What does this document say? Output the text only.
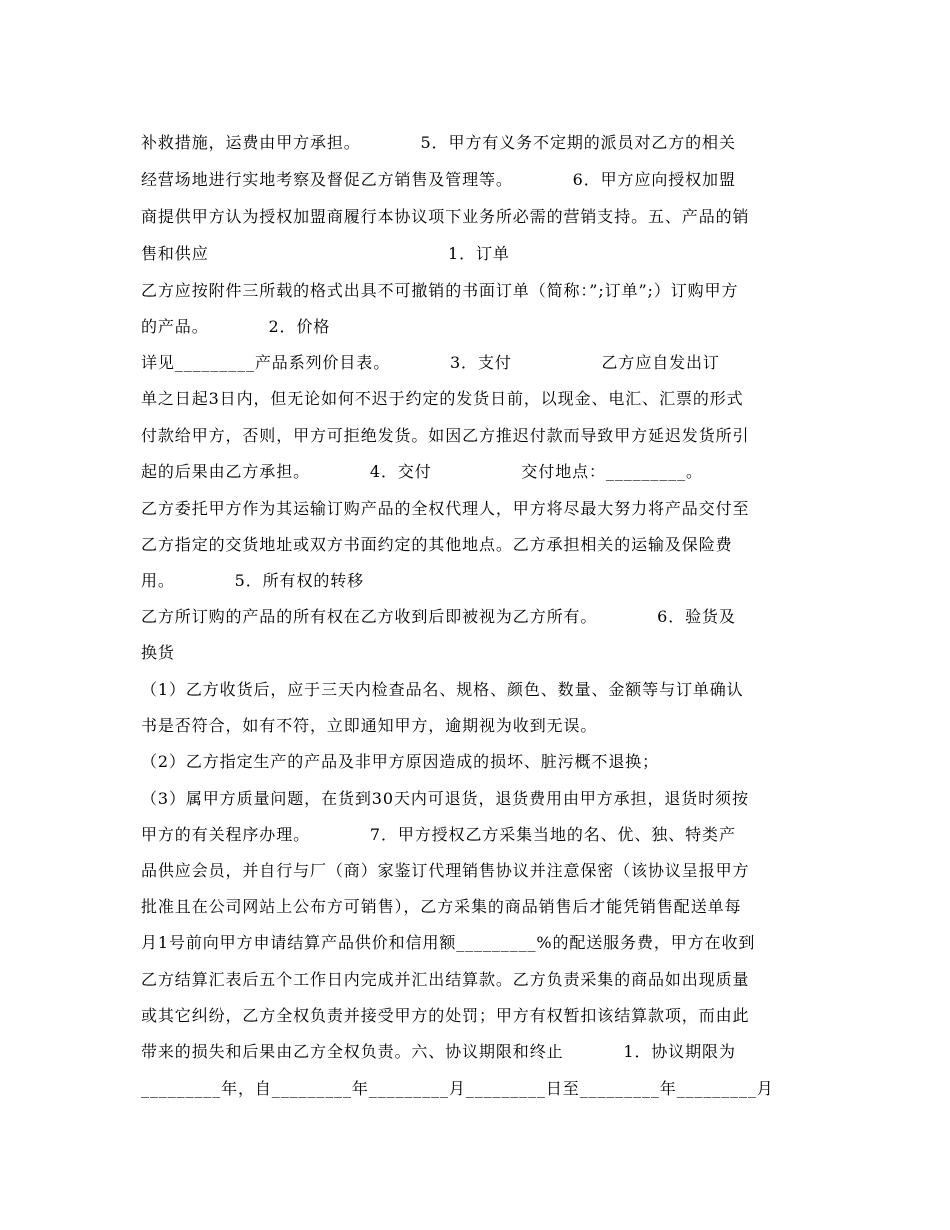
补救措施，运费由甲方承担。          5．甲方有义务不定期的派员对乙方的相关

经营场地进行实地考察及督促乙方销售及管理等。          6．甲方应向授权加盟

商提供甲方认为授权加盟商履行本协议项下业务所必需的营销支持。五、产品的销

售和供应                                        1．订单

乙方应按附件三所载的格式出具不可撤销的书面订单（简称：”;订单”;）订购甲方

的产品。          2．价格

详见_________产品系列价目表。          3．支付               乙方应自发出订

单之日起3日内，但无论如何不迟于约定的发货日前，以现金、电汇、汇票的形式

付款给甲方，否则，甲方可拒绝发货。如因乙方推迟付款而导致甲方延迟发货所引

起的后果由乙方承担。          4．交付               交付地点：_________。

乙方委托甲方作为其运输订购产品的全权代理人，甲方将尽最大努力将产品交付至

乙方指定的交货地址或双方书面约定的其他地点。乙方承担相关的运输及保险费

用。          5．所有权的转移

乙方所订购的产品的所有权在乙方收到后即被视为乙方所有。          6．验货及

换货

（1）乙方收货后，应于三天内检查品名、规格、颜色、数量、金额等与订单确认

书是否符合，如有不符，立即通知甲方，逾期视为收到无误。

（2）乙方指定生产的产品及非甲方原因造成的损坏、脏污概不退换；

（3）属甲方质量问题，在货到30天内可退货，退货费用由甲方承担，退货时须按

甲方的有关程序办理。          7．甲方授权乙方采集当地的名、优、独、特类产

品供应会员，并自行与厂（商）家鉴订代理销售协议并注意保密（该协议呈报甲方

批准且在公司网站上公布方可销售），乙方采集的商品销售后才能凭销售配送单每

月1号前向甲方申请结算产品供价和信用额_________%的配送服务费，甲方在收到

乙方结算汇表后五个工作日内完成并汇出结算款。乙方负责采集的商品如出现质量

或其它纠纷，乙方全权负责并接受甲方的处罚；甲方有权暂扣该结算款项，而由此

带来的损失和后果由乙方全权负责。六、协议期限和终止          1．协议期限为

_________年，自_________年_________月_________日至_________年_________月
